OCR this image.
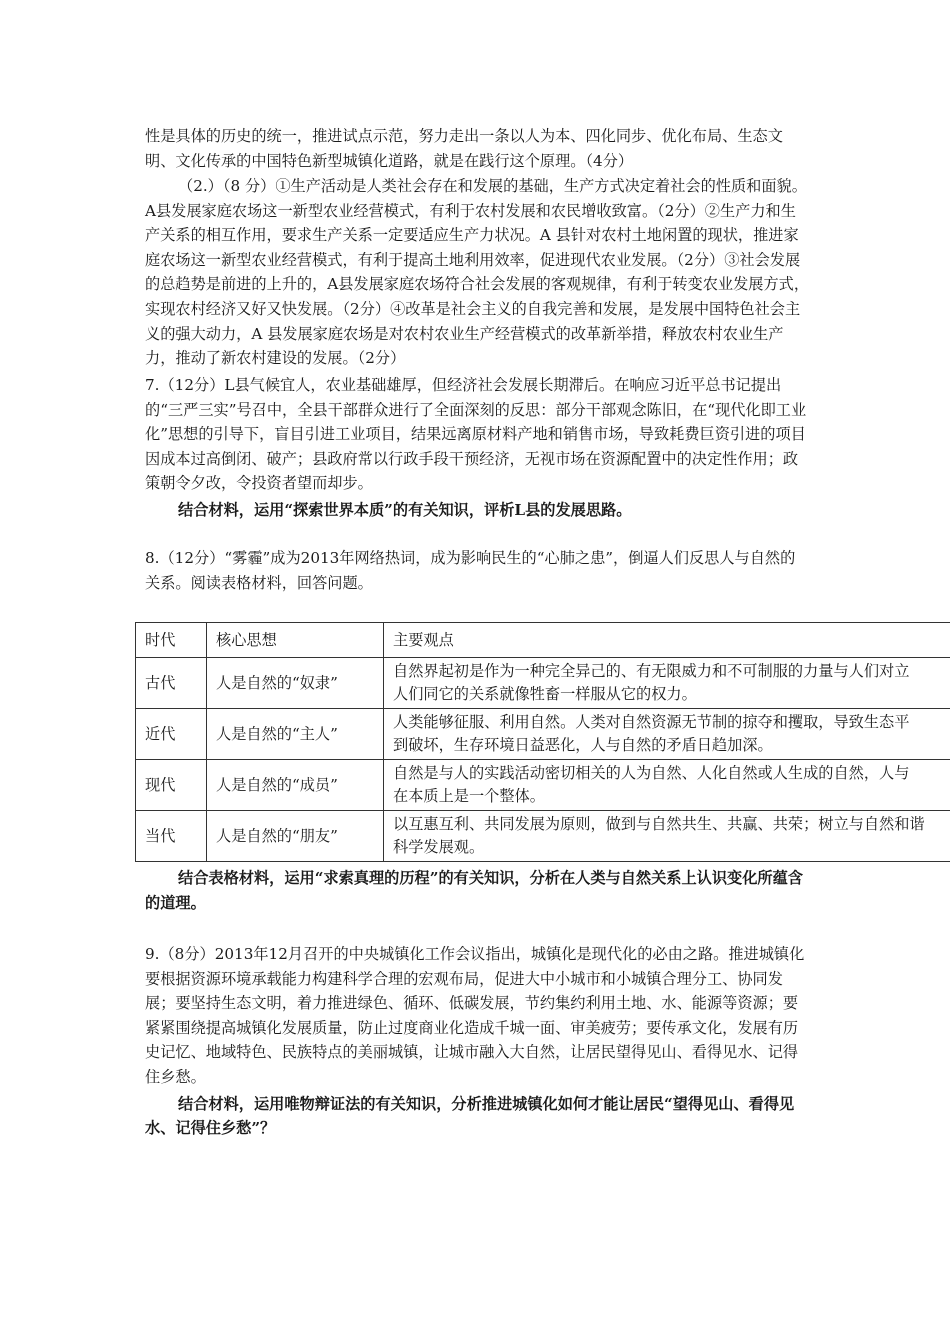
性是具体的历史的统一，推进试点示范，努力走出一条以人为本、四化同步、优化布局、生态文明、文化传承的中国特色新型城镇化道路，就是在践行这个原理。（4分）

（2.）（8 分）①生产活动是人类社会存在和发展的基础，生产方式决定着社会的性质和面貌。A县发展家庭农场这一新型农业经营模式，有利于农村发展和农民增收致富。（2分）②生产力和生产关系的相互作用，要求生产关系一定要适应生产力状况。A 县针对农村土地闲置的现状，推进家庭农场这一新型农业经营模式，有利于提高土地利用效率，促进现代农业发展。（2分）③社会发展的总趋势是前进的上升的，A县发展家庭农场符合社会发展的客观规律，有利于转变农业发展方式，实现农村经济又好又快发展。（2分）④改革是社会主义的自我完善和发展，是发展中国特色社会主义的强大动力，A 县发展家庭农场是对农村农业生产经营模式的改革新举措，释放农村农业生产力，推动了新农村建设的发展。（2分）

7.（12分）L县气候宜人，农业基础雄厚，但经济社会发展长期滞后。在响应习近平总书记提出的“三严三实”号召中，全县干部群众进行了全面深刻的反思：部分干部观念陈旧，在“现代化即工业化”思想的引导下，盲目引进工业项目，结果远离原材料产地和销售市场，导致耗费巨资引进的项目因成本过高倒闭、破产；县政府常以行政手段干预经济，无视市场在资源配置中的决定性作用；政策朝令夕改，令投资者望而却步。

结合材料，运用“探索世界本质”的有关知识，评析L县的发展思路。

8.（12分）“雾霾”成为2013年网络热词，成为影响民生的“心肺之患”，倒逼人们反思人与自然的关系。阅读表格材料，回答问题。

时代	核心思想	主要观点
古代	人是自然的“奴隶”	自然界起初是作为一种完全异己的、有无限威力和不可制服的力量与人们对立
人们同它的关系就像牲畜一样服从它的权力。

近代	人是自然的“主人”	人类能够征服、利用自然。人类对自然资源无节制的掠夺和攫取，导致生态平
到破坏，生存环境日益恶化，人与自然的矛盾日趋加深。

现代	人是自然的“成员”	自然是与人的实践活动密切相关的人为自然、人化自然或人生成的自然，人与
在本质上是一个整体。

当代	人是自然的“朋友”	以互惠互利、共同发展为原则，做到与自然共生、共赢、共荣；树立与自然和谐
科学发展观。

结合表格材料，运用“求索真理的历程”的有关知识，分析在人类与自然关系上认识变化所蕴含的道理。

9.（8分）2013年12月召开的中央城镇化工作会议指出，城镇化是现代化的必由之路。推进城镇化要根据资源环境承载能力构建科学合理的宏观布局，促进大中小城市和小城镇合理分工、协同发展；要坚持生态文明，着力推进绿色、循环、低碳发展，节约集约利用土地、水、能源等资源；要紧紧围绕提高城镇化发展质量，防止过度商业化造成千城一面、审美疲劳；要传承文化，发展有历史记忆、地域特色、民族特点的美丽城镇，让城市融入大自然，让居民望得见山、看得见水、记得住乡愁。

结合材料，运用唯物辩证法的有关知识，分析推进城镇化如何才能让居民“望得见山、看得见水、记得住乡愁”？
